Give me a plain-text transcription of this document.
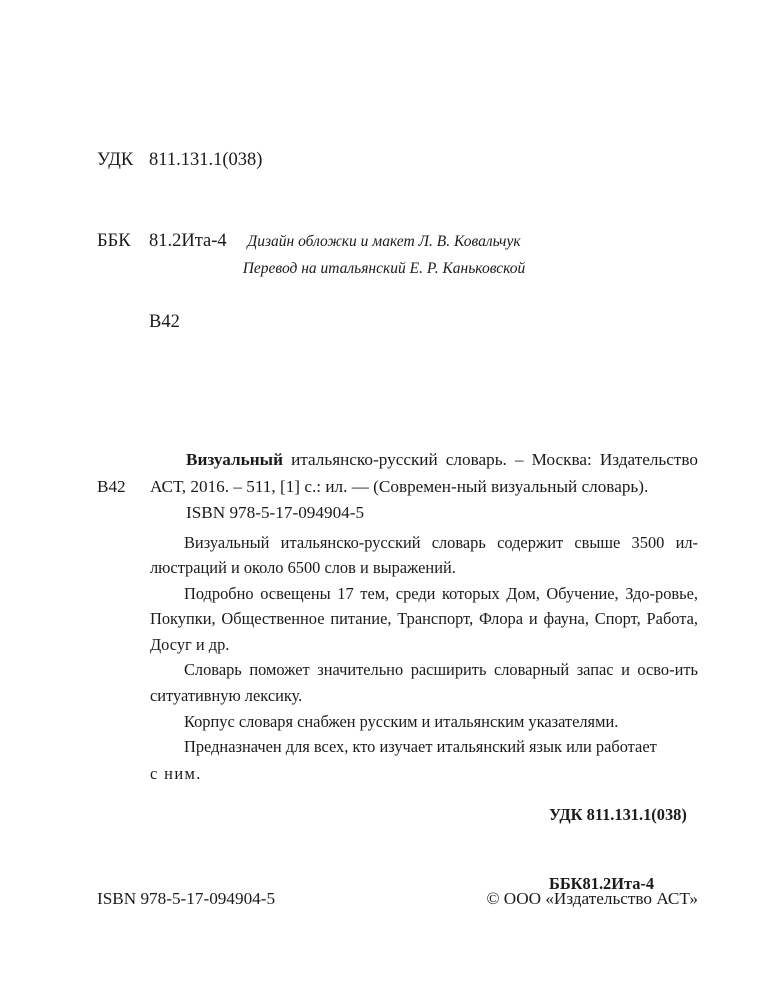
УДК 811.131.1(038)

ББК 81.2Ита-4

В42

Дизайн обложки и макет Л. В. Ковальчук
Перевод на итальянский Е. Р. Каньковской
В42
Визуальный итальянско-русский словарь. – Москва: Издательство АСТ, 2016. – 511, [1] с.: ил. — (Современ-ный визуальный словарь).
ISBN 978-5-17-094904-5

Визуальный итальянско-русский словарь содержит свыше 3500 ил-люстраций и около 6500 слов и выражений.

Подробно освещены 17 тем, среди которых Дом, Обучение, Здо-ровье, Покупки, Общественное питание, Транспорт, Флора и фауна, Спорт, Работа, Досуг и др.

Словарь поможет значительно расширить словарный запас и осво-ить ситуативную лексику.

Корпус словаря снабжен русским и итальянским указателями.

Предназначен для всех, кто изучает итальянский язык или работает

с ним.

УДК 811.131.1(038)

ББК81.2Ита-4

ISBN 978-5-17-094904-5	© ООО «Издательство АСТ»
